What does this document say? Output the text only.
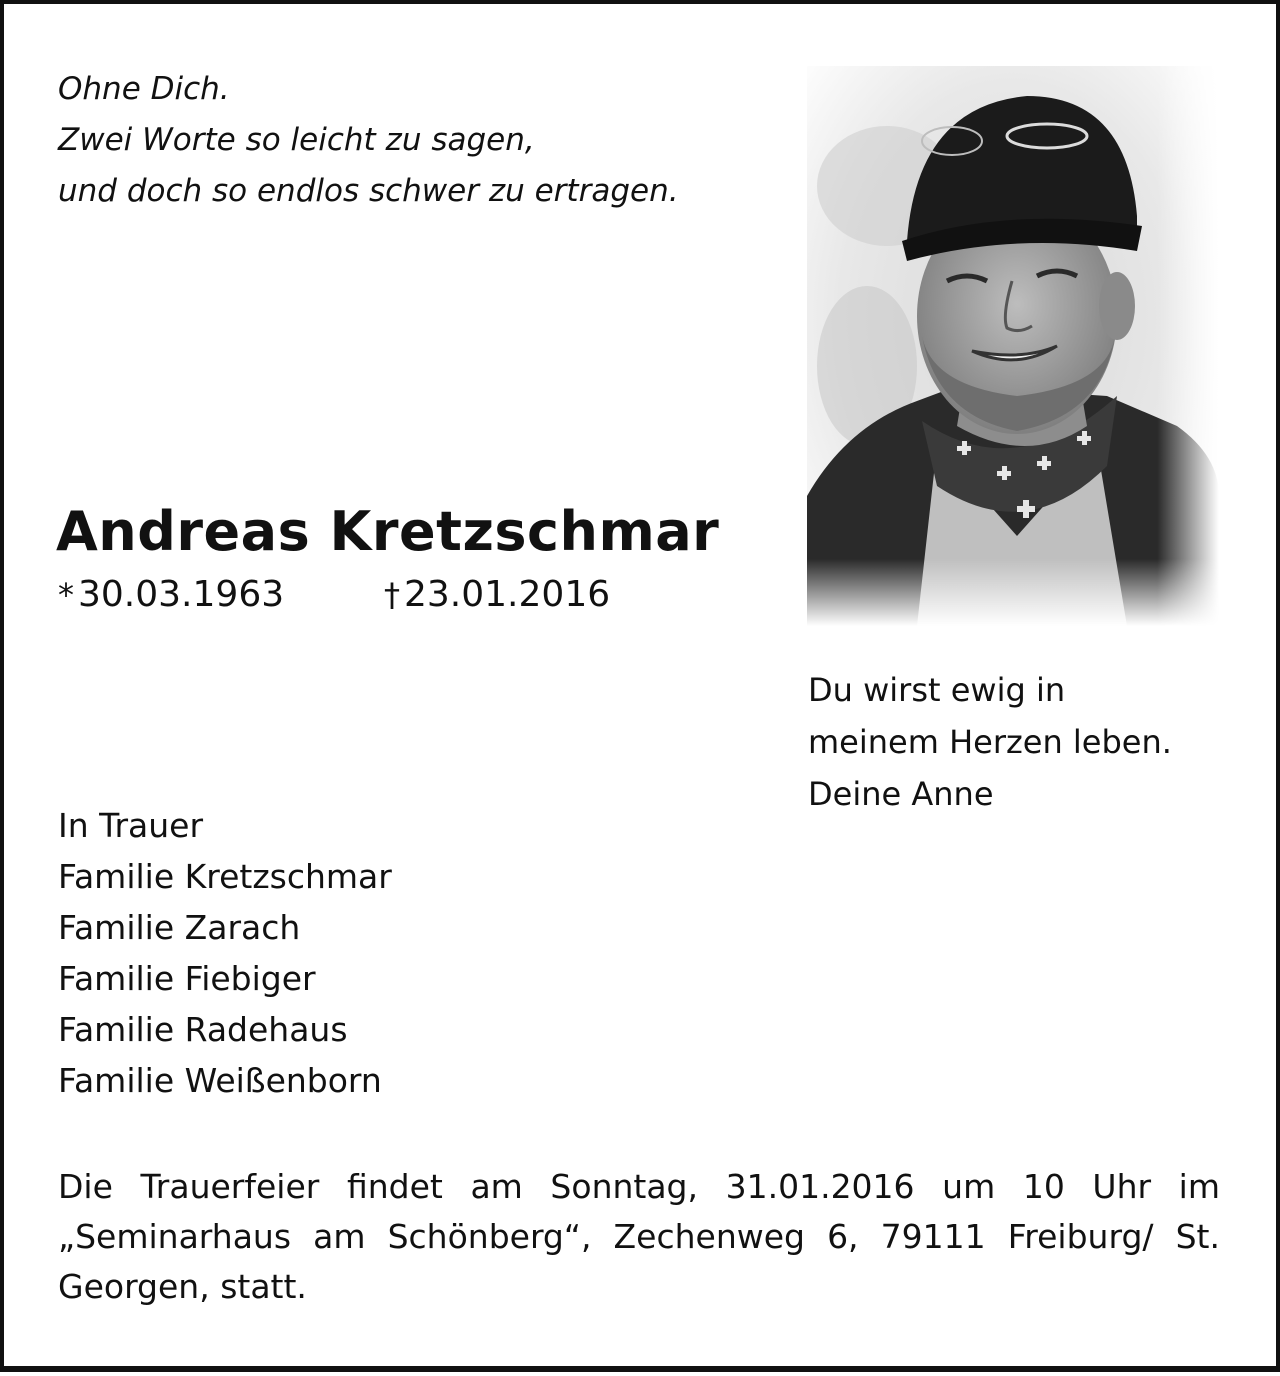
Ohne Dich.
Zwei Worte so leicht zu sagen,
und doch so endlos schwer zu ertragen.
Andreas Kretzschmar
* 30.03.1963	† 23.01.2016
Du wirst ewig in
meinem Herzen leben.
Deine Anne
In Trauer
Familie Kretzschmar
Familie Zarach
Familie Fiebiger
Familie Radehaus
Familie Weißenborn
Die Trauerfeier findet am Sonntag, 31.01.2016 um 10 Uhr im „Seminarhaus am Schönberg“, Zechenweg 6, 79111 Freiburg/ St. Georgen, statt.
